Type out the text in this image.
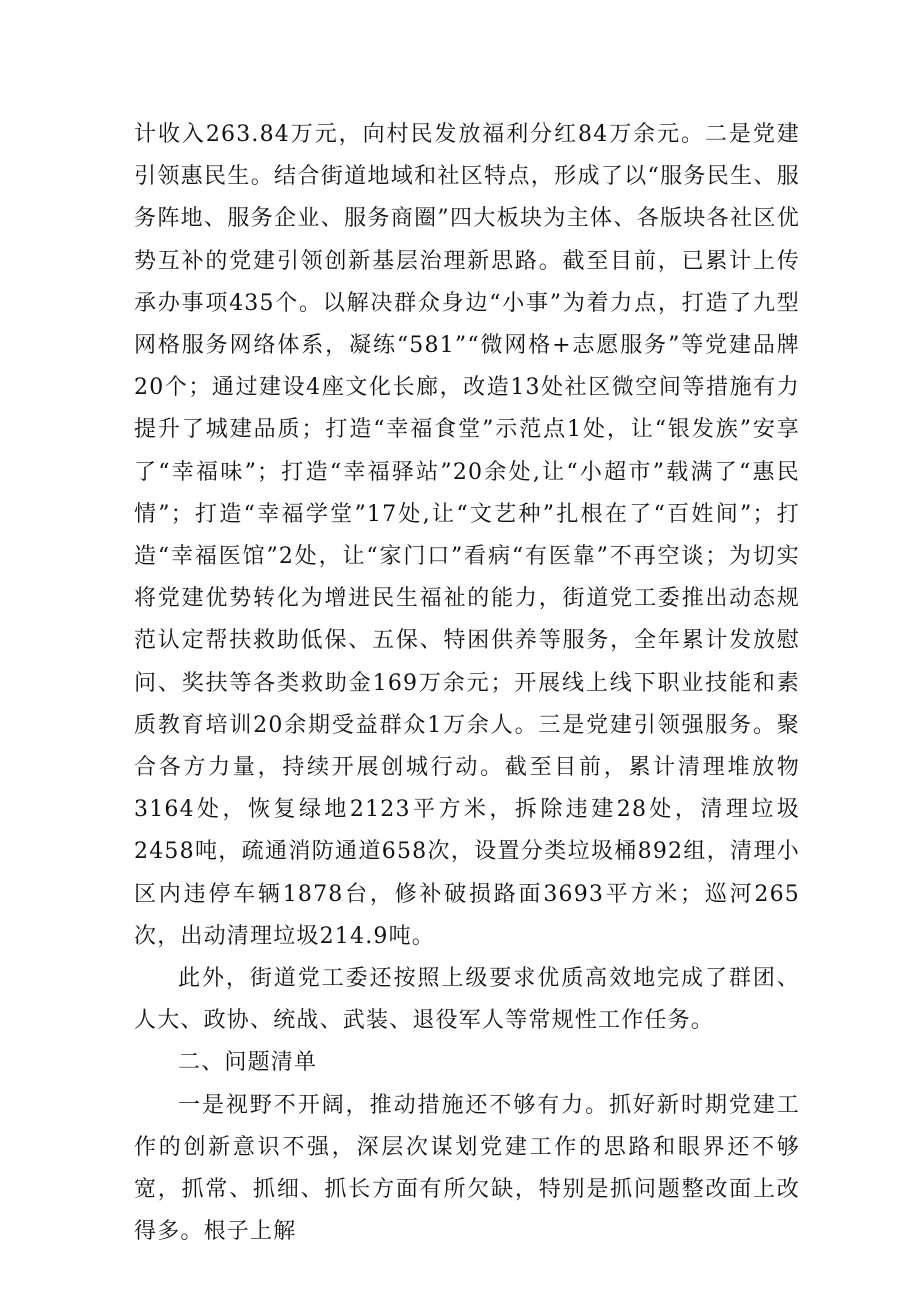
计收入263.84万元，向村民发放福利分红84万余元。二是党建引领惠民生。结合街道地域和社区特点，形成了以“服务民生、服务阵地、服务企业、服务商圈”四大板块为主体、各版块各社区优势互补的党建引领创新基层治理新思路。截至目前，已累计上传承办事项435个。以解决群众身边“小事”为着力点，打造了九型网格服务网络体系，凝练“581”“微网格+志愿服务”等党建品牌20个；通过建设4座文化长廊，改造13处社区微空间等措施有力提升了城建品质；打造“幸福食堂”示范点1处，让“银发族”安享了“幸福味”；打造“幸福驿站”20余处,让“小超市”载满了“惠民情”；打造“幸福学堂”17处,让“文艺种”扎根在了“百姓间”；打造“幸福医馆”2处，让“家门口”看病“有医靠”不再空谈；为切实将党建优势转化为增进民生福祉的能力，街道党工委推出动态规范认定帮扶救助低保、五保、特困供养等服务，全年累计发放慰问、奖扶等各类救助金169万余元；开展线上线下职业技能和素质教育培训20余期受益群众1万余人。三是党建引领强服务。聚合各方力量，持续开展创城行动。截至目前，累计清理堆放物3164处，恢复绿地2123平方米，拆除违建28处，清理垃圾2458吨，疏通消防通道658次，设置分类垃圾桶892组，清理小区内违停车辆1878台，修补破损路面3693平方米；巡河265次，出动清理垃圾214.9吨。

此外，街道党工委还按照上级要求优质高效地完成了群团、人大、政协、统战、武装、退役军人等常规性工作任务。

二、问题清单

一是视野不开阔，推动措施还不够有力。抓好新时期党建工作的创新意识不强，深层次谋划党建工作的思路和眼界还不够宽，抓常、抓细、抓长方面有所欠缺，特别是抓问题整改面上改得多。根子上解
